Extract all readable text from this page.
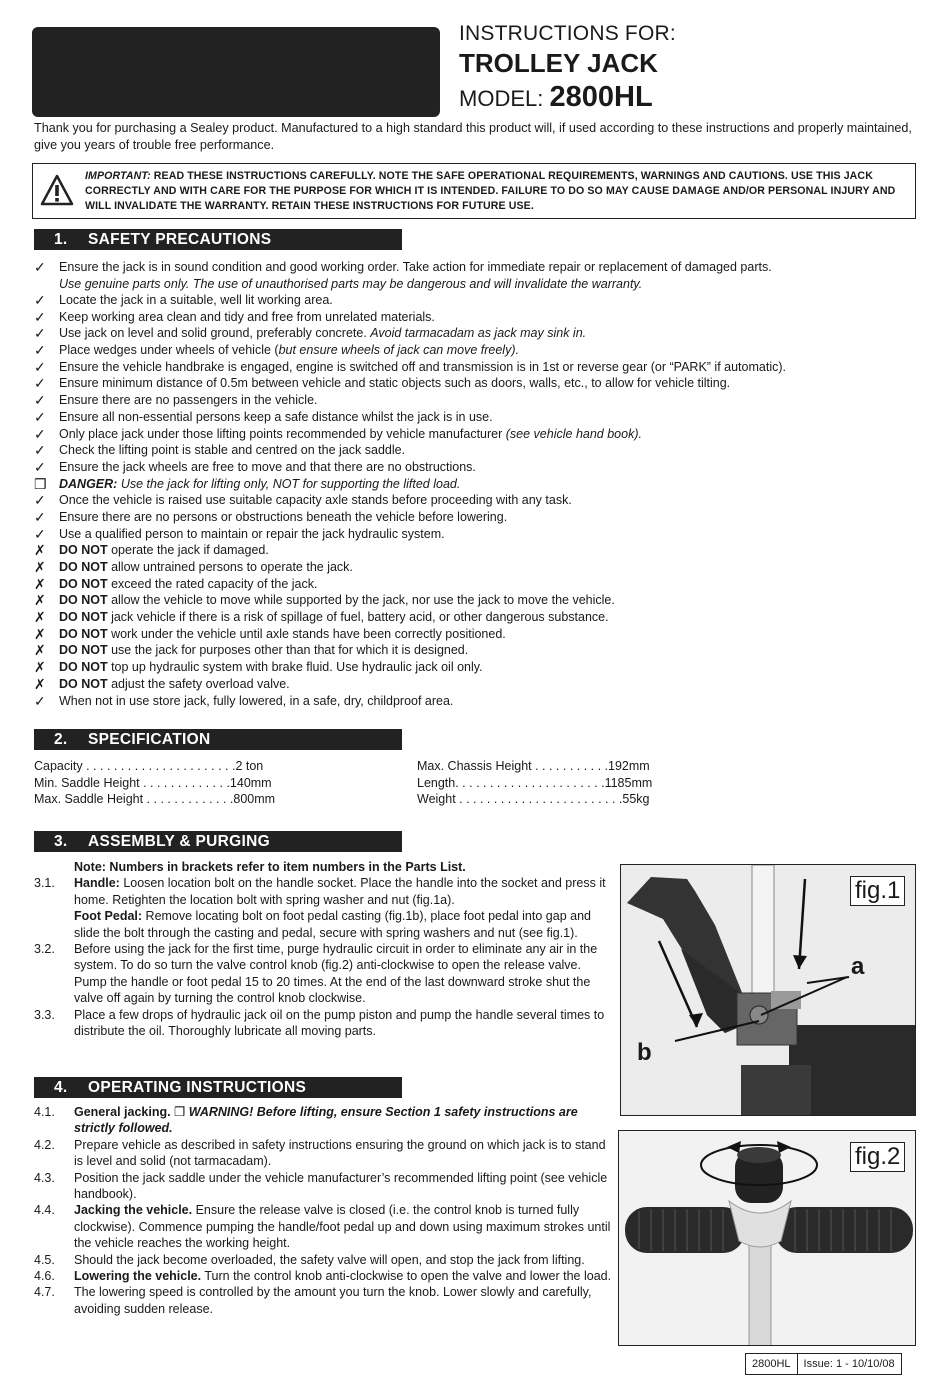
INSTRUCTIONS FOR:
TROLLEY JACK
MODEL: 2800HL
Thank you for purchasing a Sealey product. Manufactured to a high standard this product will, if used according to these instructions and properly maintained, give you years of trouble free performance.
IMPORTANT: READ THESE INSTRUCTIONS CAREFULLY. NOTE THE SAFE OPERATIONAL REQUIREMENTS, WARNINGS AND CAUTIONS. USE THIS JACK CORRECTLY AND WITH CARE FOR THE PURPOSE FOR WHICH IT IS INTENDED. FAILURE TO DO SO MAY CAUSE DAMAGE AND/OR PERSONAL INJURY AND WILL INVALIDATE THE WARRANTY. RETAIN THESE INSTRUCTIONS FOR FUTURE USE.
1. SAFETY PRECAUTIONS
✓	Ensure the jack is in sound condition and good working order. Take action for immediate repair or replacement of damaged parts.
Use genuine parts only. The use of unauthorised parts may be dangerous and will invalidate the warranty.
✓	Locate the jack in a suitable, well lit working area.
✓	Keep working area clean and tidy and free from unrelated materials.
✓	Use jack on level and solid ground, preferably concrete. Avoid tarmacadam as jack may sink in.
✓	Place wedges under wheels of vehicle (but ensure wheels of jack can move freely).
✓	Ensure the vehicle handbrake is engaged, engine is switched off and transmission is in 1st or reverse gear (or “PARK” if automatic).
✓	Ensure minimum distance of 0.5m between vehicle and static objects such as doors, walls, etc., to allow for vehicle tilting.
✓	Ensure there are no passengers in the vehicle.
✓	Ensure all non-essential persons keep a safe distance whilst the jack is in use.
✓	Only place jack under those lifting points recommended by vehicle manufacturer (see vehicle hand book).
✓	Check the lifting point is stable and centred on the jack saddle.
✓	Ensure the jack wheels are free to move and that there are no obstructions.
❒ DANGER: Use the jack for lifting only, NOT for supporting the lifted load.
✓	Once the vehicle is raised use suitable capacity axle stands before proceeding with any task.
✓	Ensure there are no persons or obstructions beneath the vehicle before lowering.
✓	Use a qualified person to maintain or repair the jack hydraulic system.
✗	DO NOT operate the jack if damaged.
✗	DO NOT allow untrained persons to operate the jack.
✗	DO NOT exceed the rated capacity of the jack.
✗	DO NOT allow the vehicle to move while supported by the jack, nor use the jack to move the vehicle.
✗	DO NOT jack vehicle if there is a risk of spillage of fuel, battery acid, or other dangerous substance.
✗	DO NOT work under the vehicle until axle stands have been correctly positioned.
✗	DO NOT use the jack for purposes other than that for which it is designed.
✗	DO NOT top up hydraulic system with brake fluid. Use hydraulic jack oil only.
✗	DO NOT adjust the safety overload valve.
✓	When not in use store jack, fully lowered, in a safe, dry, childproof area.
2. SPECIFICATION
Capacity . . . . . . . . . . . . . . . . . . . . . .2 ton
Min. Saddle Height . . . . . . . . . . . . .140mm
Max. Saddle Height . . . . . . . . . . . . .800mm
Max. Chassis Height . . . . . . . . . . .192mm
Length. . . . . . . . . . . . . . . . . . . . . .1185mm
Weight . . . . . . . . . . . . . . . . . . . . . . . .55kg
3. ASSEMBLY & PURGING
Note: Numbers in brackets refer to item numbers in the Parts List.
3.1. Handle: Loosen location bolt on the handle socket. Place the handle into the socket and press it home. Retighten the location bolt with spring washer and nut (fig.1a).
Foot Pedal: Remove locating bolt on foot pedal casting (fig.1b), place foot pedal into gap and slide the bolt through the casting and pedal, secure with spring washers and nut (see fig.1).
3.2. Before using the jack for the first time, purge hydraulic circuit in order to eliminate any air in the system. To do so turn the valve control knob (fig.2) anti-clockwise to open the release valve. Pump the handle or foot pedal 15 to 20 times. At the end of the last downward stroke shut the valve off again by turning the control knob clockwise.
3.3. Place a few drops of hydraulic jack oil on the pump piston and pump the handle several times to distribute the oil. Thoroughly lubricate all moving parts.
4. OPERATING INSTRUCTIONS
4.1. General jacking. ❒ WARNING! Before lifting, ensure Section 1 safety instructions are strictly followed.
4.2. Prepare vehicle as described in safety instructions ensuring the ground on which jack is to stand is level and solid (not tarmacadam).
4.3. Position the jack saddle under the vehicle manufacturer’s recommended lifting point (see vehicle handbook).
4.4. Jacking the vehicle. Ensure the release valve is closed (i.e. the control knob is turned fully clockwise). Commence pumping the handle/foot pedal up and down using maximum strokes until the vehicle reaches the working height.
4.5. Should the jack become overloaded, the safety valve will open, and stop the jack from lifting.
4.6. Lowering the vehicle. Turn the control knob anti-clockwise to open the valve and lower the load.
4.7. The lowering speed is controlled by the amount you turn the knob. Lower slowly and carefully, avoiding sudden release.
fig.1
a
b
fig.2
2800HL	Issue: 1 - 10/10/08
